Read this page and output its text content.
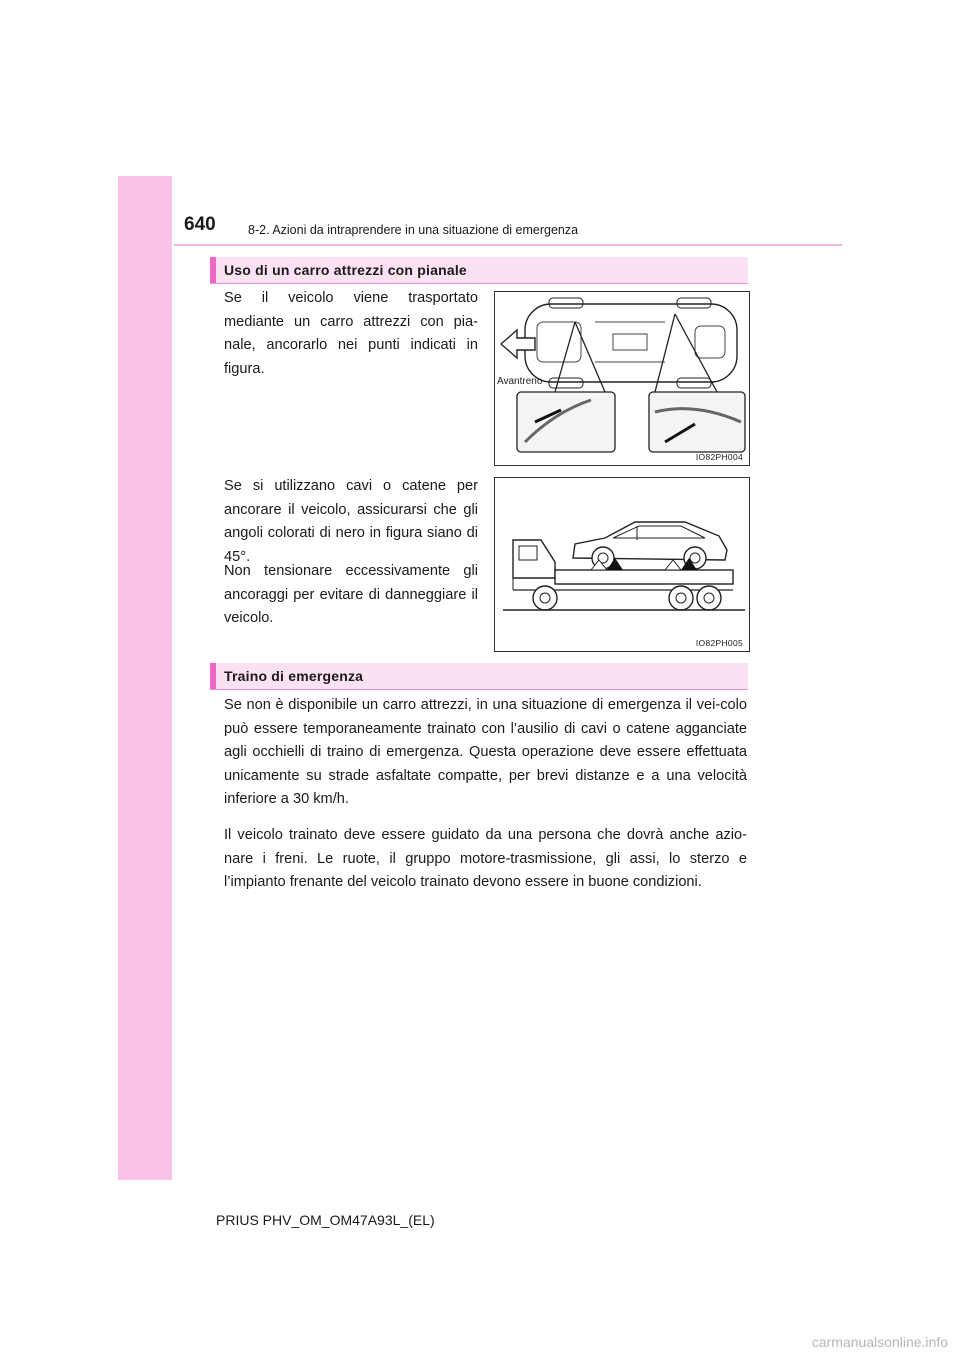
640	8-2. Azioni da intraprendere in una situazione di emergenza
Uso di un carro attrezzi con pianale

Se il veicolo viene trasportato mediante un carro attrezzi con pia-nale, ancorarlo nei punti indicati in figura.

Avantreno
IO82PH004

Se si utilizzano cavi o catene per ancorare il veicolo, assicurarsi che gli angoli colorati di nero in figura siano di 45°.

Non tensionare eccessivamente gli ancoraggi per evitare di danneggiare il veicolo.

IO82PH005
Traino di emergenza

Se non è disponibile un carro attrezzi, in una situazione di emergenza il vei-colo può essere temporaneamente trainato con l’ausilio di cavi o catene agganciate agli occhielli di traino di emergenza. Questa operazione deve essere effettuata unicamente su strade asfaltate compatte, per brevi distanze e a una velocità inferiore a 30 km/h.

Il veicolo trainato deve essere guidato da una persona che dovrà anche azio-nare i freni. Le ruote, il gruppo motore-trasmissione, gli assi, lo sterzo e l’impianto frenante del veicolo trainato devono essere in buone condizioni.

PRIUS PHV_OM_OM47A93L_(EL)
carmanualsonline.info
